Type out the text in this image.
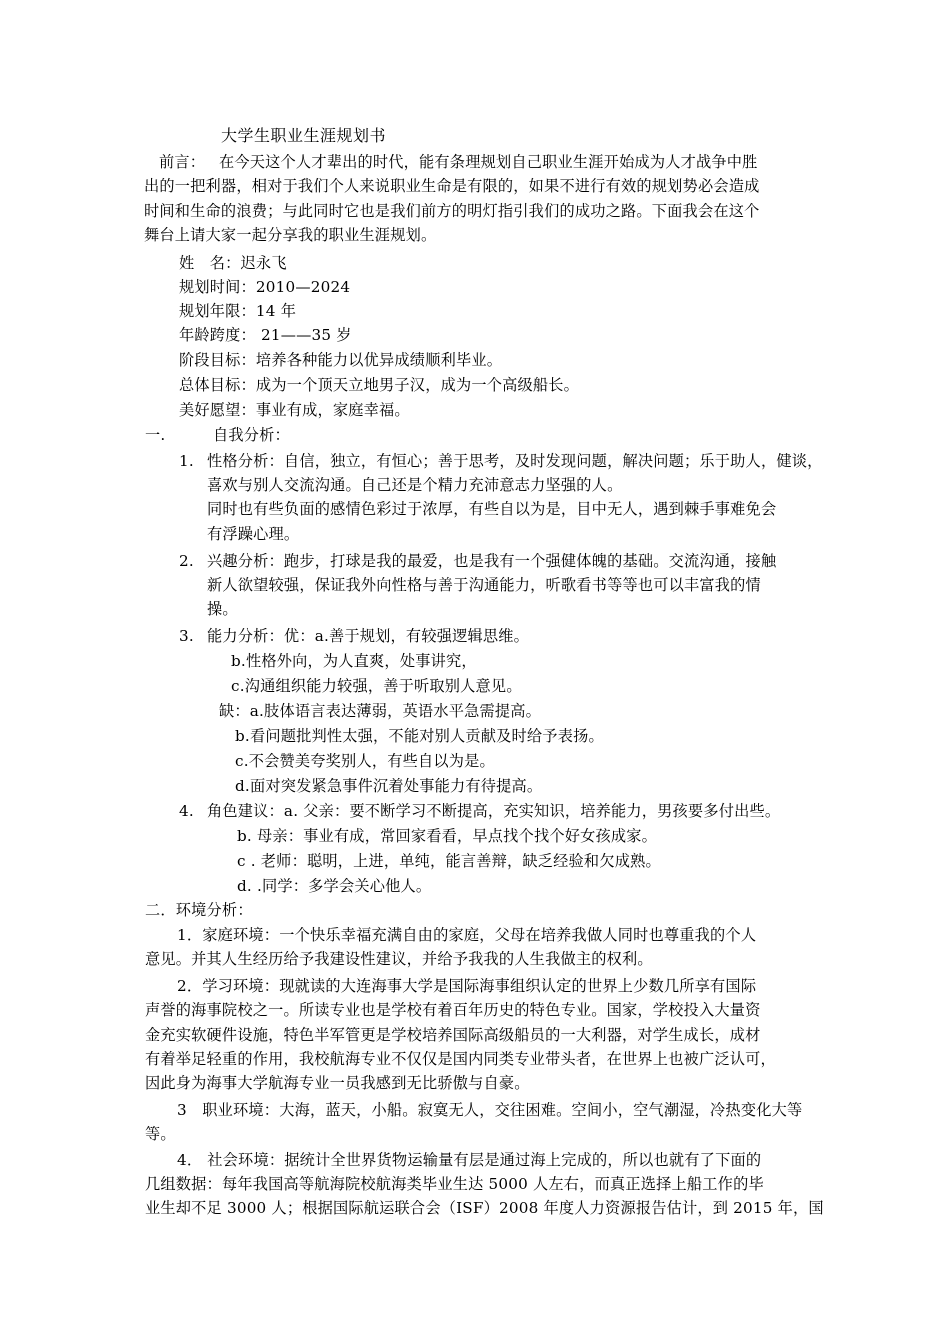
大学生职业生涯规划书
前言： 在今天这个人才辈出的时代，能有条理规划自己职业生涯开始成为人才战争中胜
出的一把利器，相对于我们个人来说职业生命是有限的，如果不进行有效的规划势必会造成
时间和生命的浪费；与此同时它也是我们前方的明灯指引我们的成功之路。下面我会在这个
舞台上请大家一起分享我的职业生涯规划。
姓　名：迟永飞
规划时间：2010—2024
规划年限：14 年
年龄跨度： 21——35 岁
阶段目标：培养各种能力以优异成绩顺利毕业。
总体目标：成为一个顶天立地男子汉，成为一个高级船长。
美好愿望：事业有成，家庭幸福。
一.	自我分析：
1. 性格分析：自信，独立，有恒心；善于思考，及时发现问题，解决问题；乐于助人，健谈，
喜欢与别人交流沟通。自己还是个精力充沛意志力坚强的人。
同时也有些负面的感情色彩过于浓厚，有些自以为是，目中无人，遇到棘手事难免会
有浮躁心理。
2. 兴趣分析：跑步，打球是我的最爱，也是我有一个强健体魄的基础。交流沟通，接触
新人欲望较强，保证我外向性格与善于沟通能力，听歌看书等等也可以丰富我的情
操。
3. 能力分析：优：a.善于规划，有较强逻辑思维。
b.性格外向，为人直爽，处事讲究，
c.沟通组织能力较强，善于听取别人意见。
缺：a.肢体语言表达薄弱，英语水平急需提高。
b.看问题批判性太强，不能对别人贡献及时给予表扬。
c.不会赞美夸奖别人，有些自以为是。
d.面对突发紧急事件沉着处事能力有待提高。
4. 角色建议：a. 父亲：要不断学习不断提高，充实知识，培养能力，男孩要多付出些。
b. 母亲：事业有成，常回家看看，早点找个找个好女孩成家。
c . 老师：聪明，上进，单纯，能言善辩，缺乏经验和欠成熟。
d. .同学：多学会关心他人。
二．环境分析：
1．家庭环境：一个快乐幸福充满自由的家庭，父母在培养我做人同时也尊重我的个人
意见。并其人生经历给予我建设性建议，并给予我我的人生我做主的权利。
2．学习环境：现就读的大连海事大学是国际海事组织认定的世界上少数几所享有国际
声誉的海事院校之一。所读专业也是学校有着百年历史的特色专业。国家，学校投入大量资
金充实软硬件设施，特色半军管更是学校培养国际高级船员的一大利器，对学生成长，成材
有着举足轻重的作用，我校航海专业不仅仅是国内同类专业带头者，在世界上也被广泛认可，
因此身为海事大学航海专业一员我感到无比骄傲与自豪。
3　职业环境：大海，蓝天，小船。寂寞无人，交往困难。空间小，空气潮湿，冷热变化大等
等。
4． 社会环境：据统计全世界货物运输量有层是通过海上完成的，所以也就有了下面的
几组数据：每年我国高等航海院校航海类毕业生达 5000 人左右，而真正选择上船工作的毕
业生却不足 3000 人；根据国际航运联合会（ISF）2008 年度人力资源报告估计，到 2015 年，国
